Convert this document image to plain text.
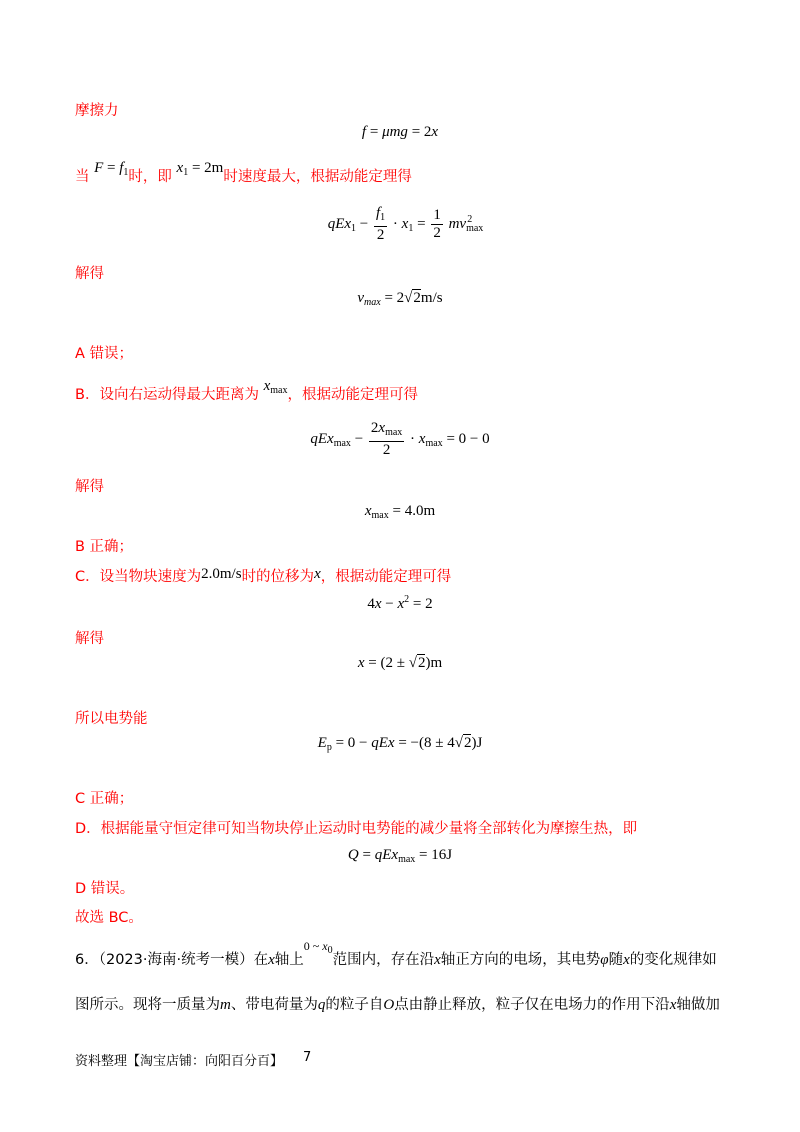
摩擦力
f = μmg = 2x
当 $F = f_1$时，即 $x_1 = 2m$时速度最大，根据动能定理得
$qEx_1 - \frac{f_1}{2} \cdot x_1 = \frac{1}{2} mv_{max}^2$
解得
$v_{max} = 2√2m/s$
A 错误；
B．设向右运动得最大距离为 $x_{max}$，根据动能定理可得
$qEx_{max} - \frac{2x_{max}}{2} \cdot x_{max} = 0 - 0$
解得
$x_{max} = 4.0m$
B 正确；
C．设当物块速度为2.0m/s时的位移为x，根据动能定理可得
$4x - x^2 = 2$
解得
x = (2 ± √2)m
所以电势能
$E_p = 0$ − qEx = −(8 ± 4√2)J
C 正确；
D．根据能量守恒定律可知当物块停止运动时电势能的减少量将全部转化为摩擦生热，即
Q = qEx$_{max}$ = 16J
D 错误。
故选 BC。
6．（2023·海南·统考一模）在x轴上$^{0 \sim x_0}$范围内，存在沿x轴正方向的电场，其电势φ随x的变化规律如
图所示。现将一质量为m、带电荷量为q的粒子自O点由静止释放，粒子仅在电场力的作用下沿x轴做加
资料整理【淘宝店铺：向阳百分百】 7
